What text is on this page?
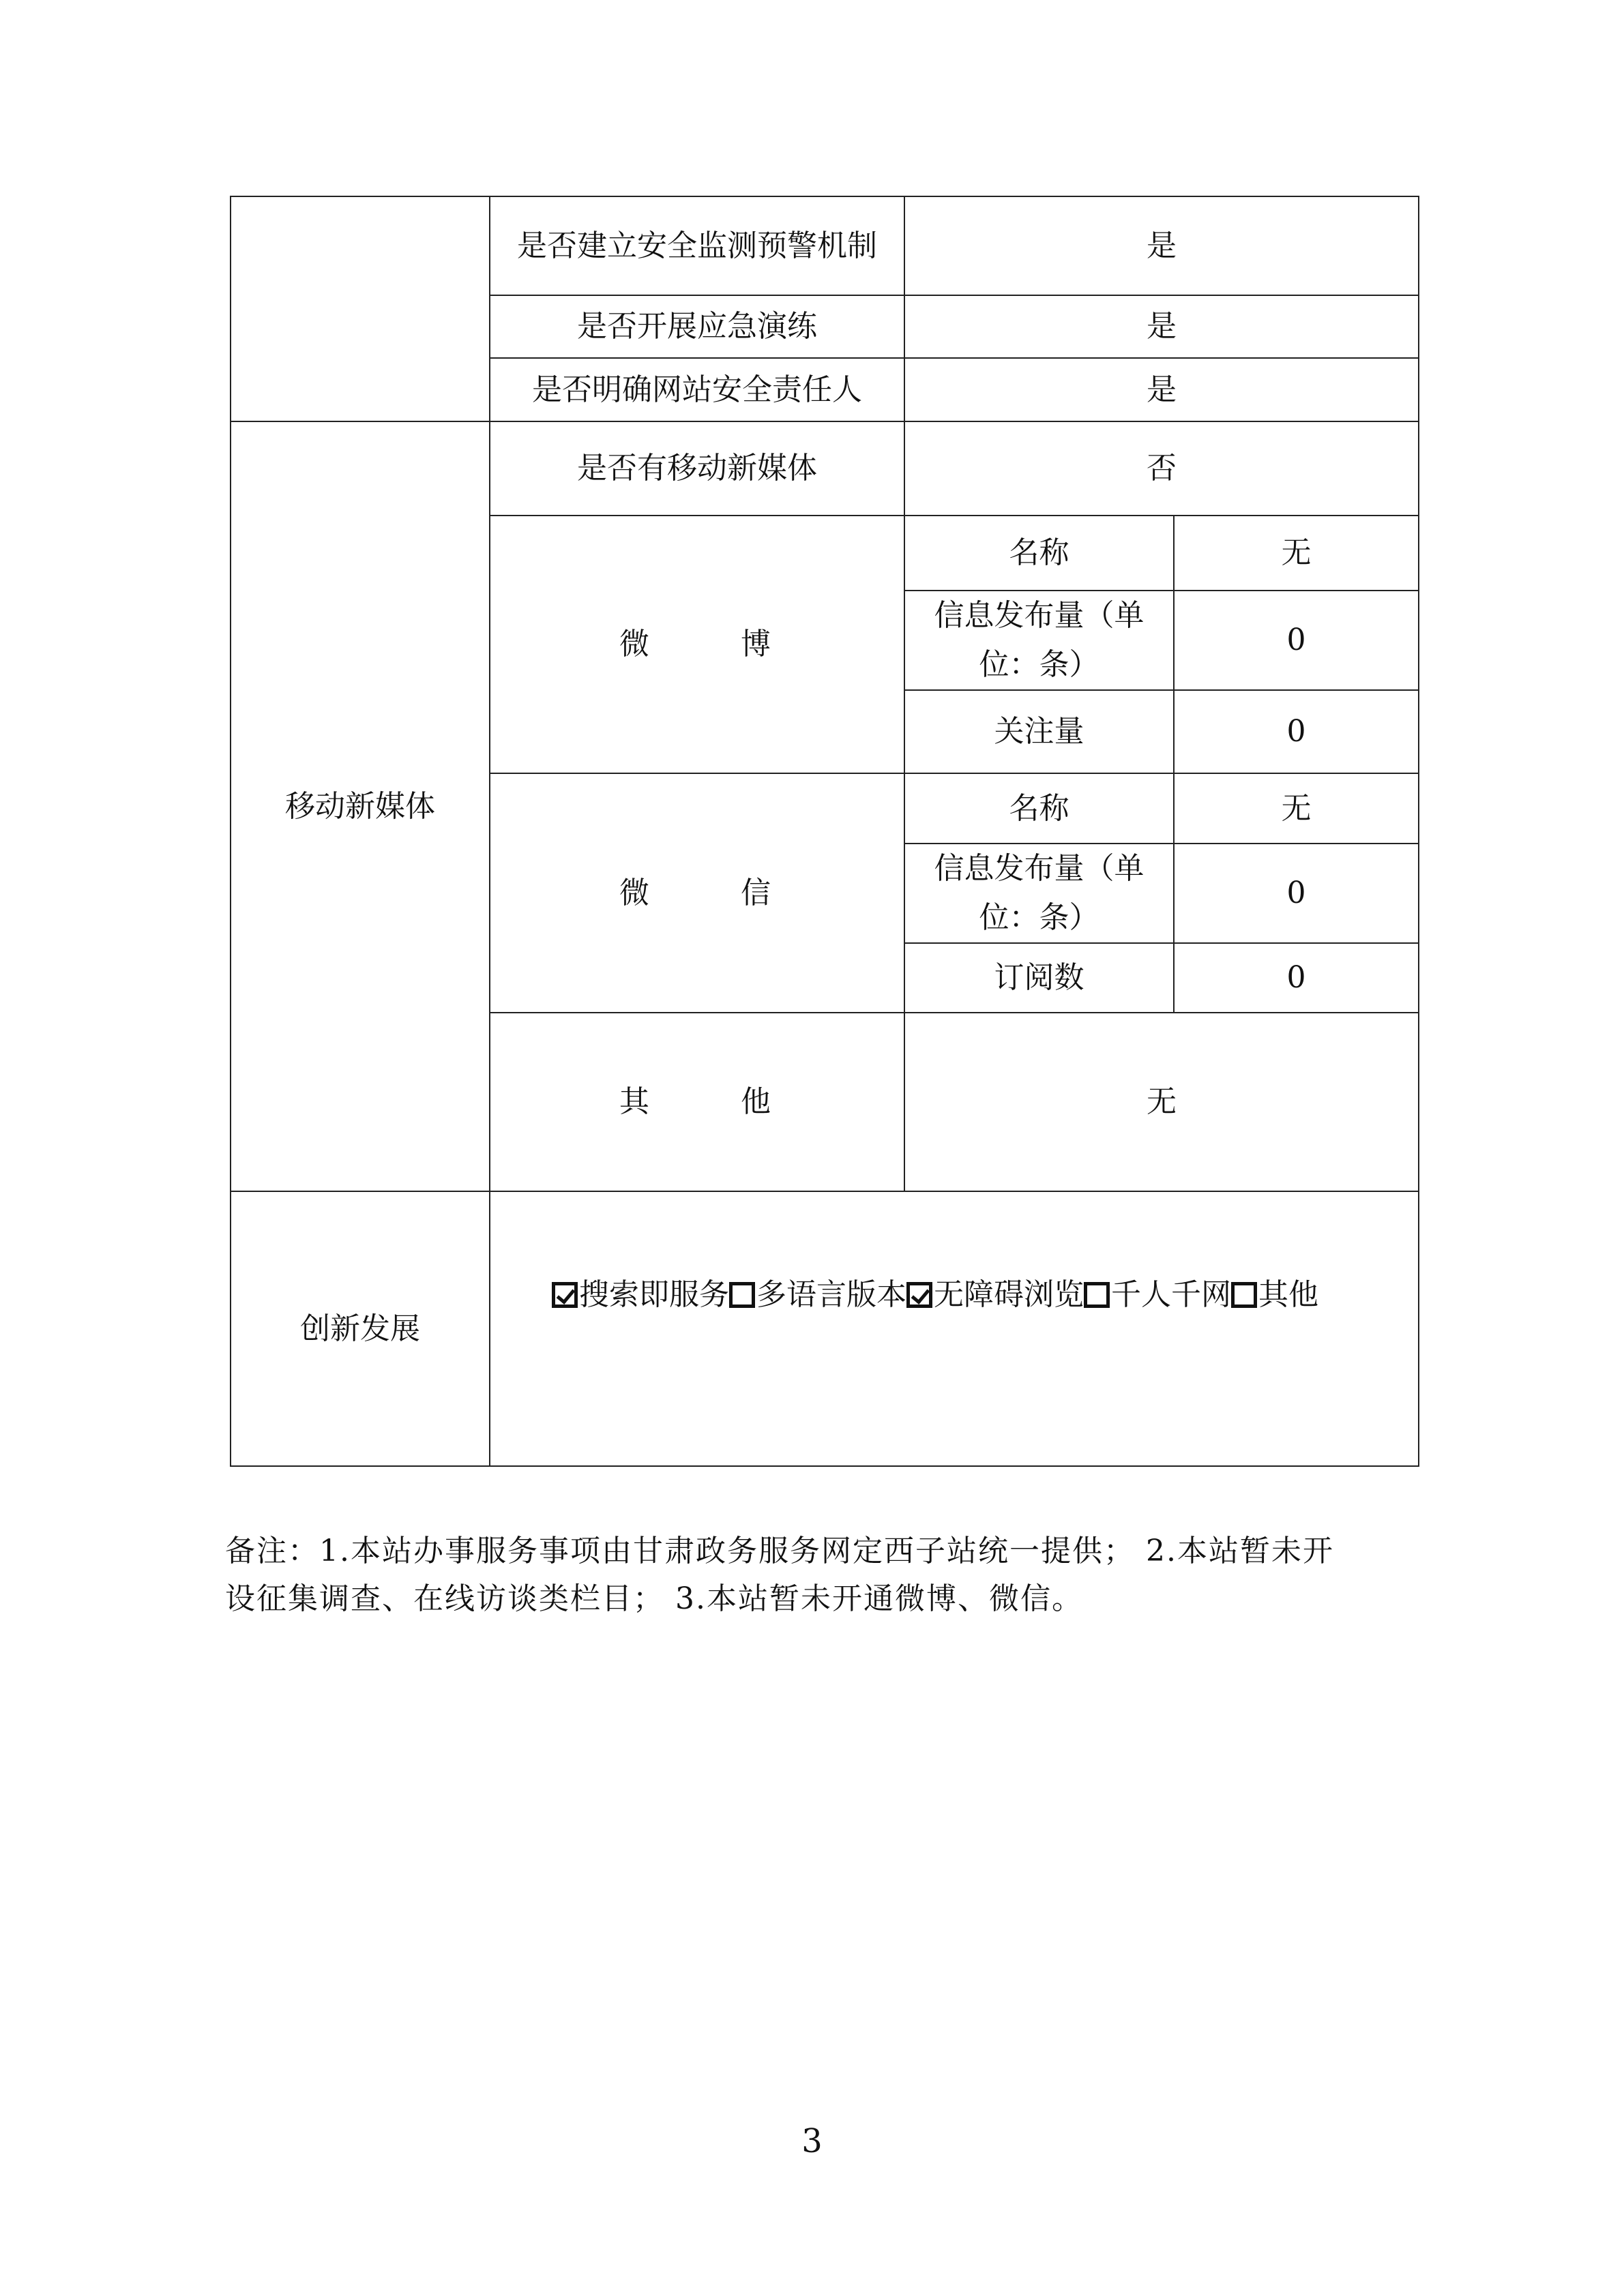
	是否建立安全监测预警机制	是	
	是否开展应急演练	是	
	是否明确网站安全责任人	是	
移动新媒体	是否有移动新媒体	否	
	微 博	名称	无
		信息发布量（单位：条）	0
		关注量	0
	微 信	名称	无
		信息发布量（单位：条）	0
		订阅数	0
	其 他	无	
创新发展	搜索即服务 多语言版本 无障碍浏览 千人千网 其他		

备注：1.本站办事服务事项由甘肃政务服务网定西子站统一提供； 2.本站暂未开

设征集调查、在线访谈类栏目； 3.本站暂未开通微博、微信。

3
